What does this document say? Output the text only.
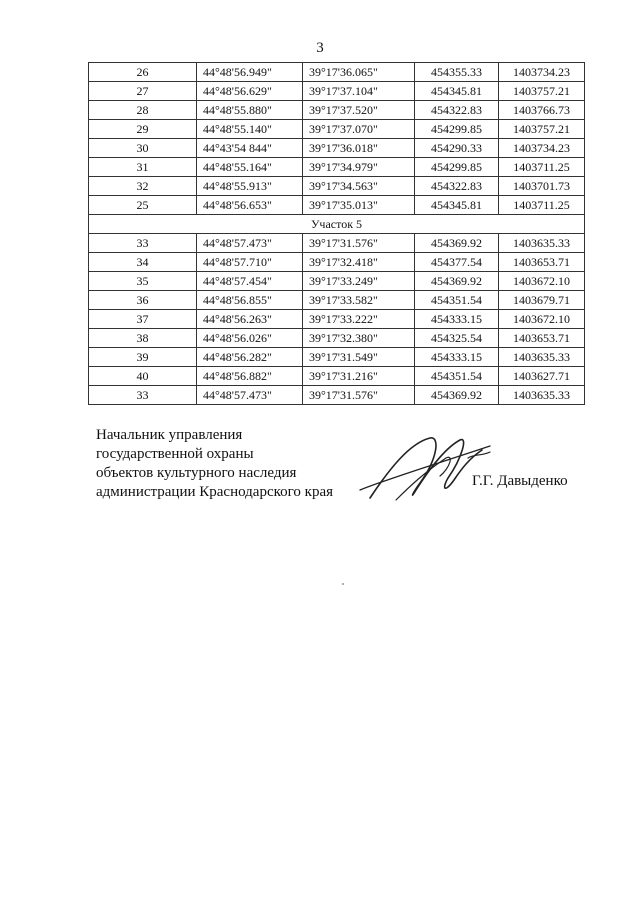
3
26	44°48'56.949"	39°17'36.065"	454355.33	1403734.23
27	44°48'56.629"	39°17'37.104"	454345.81	1403757.21
28	44°48'55.880"	39°17'37.520"	454322.83	1403766.73
29	44°48'55.140"	39°17'37.070"	454299.85	1403757.21
30	44°43'54 844"	39°17'36.018"	454290.33	1403734.23
31	44°48'55.164"	39°17'34.979"	454299.85	1403711.25
32	44°48'55.913"	39°17'34.563"	454322.83	1403701.73
25	44°48'56.653"	39°17'35.013"	454345.81	1403711.25
Участок 5				
33	44°48'57.473"	39°17'31.576"	454369.92	1403635.33
34	44°48'57.710"	39°17'32.418"	454377.54	1403653.71
35	44°48'57.454"	39°17'33.249"	454369.92	1403672.10
36	44°48'56.855"	39°17'33.582"	454351.54	1403679.71
37	44°48'56.263"	39°17'33.222"	454333.15	1403672.10
38	44°48'56.026"	39°17'32.380"	454325.54	1403653.71
39	44°48'56.282"	39°17'31.549"	454333.15	1403635.33
40	44°48'56.882"	39°17'31.216"	454351.54	1403627.71
33	44°48'57.473"	39°17'31.576"	454369.92	1403635.33
Начальник управления
государственной охраны
объектов культурного наследия
администрации Краснодарского края
Г.Г. Давыденко
